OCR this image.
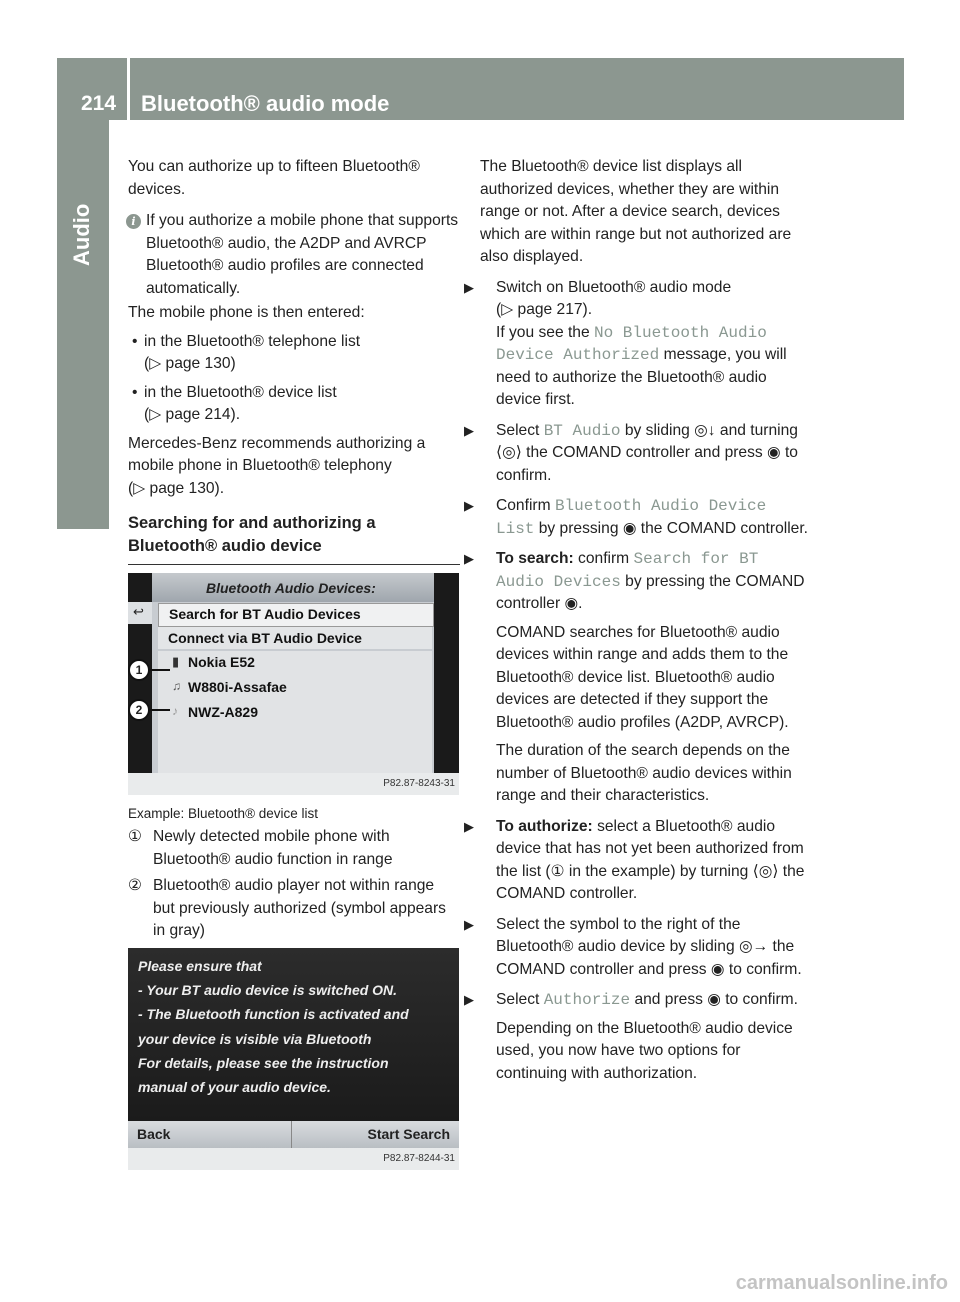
214 Bluetooth® audio mode
Audio

You can authorize up to fifteen Bluetooth® devices.

i If you authorize a mobile phone that supports Bluetooth® audio, the A2DP and AVRCP Bluetooth® audio profiles are connected automatically.

The mobile phone is then entered:

• in the Bluetooth® telephone list

(▷ page 130)

• in the Bluetooth® device list

(▷ page 214).

Mercedes-Benz recommends authorizing a mobile phone in Bluetooth® telephony

(▷ page 130).

Searching for and authorizing a Bluetooth® audio device

Bluetooth Audio Devices:
↩ Search for BT Audio Devices
Connect via BT Audio Device
▮ Nokia E52
♫ W880i-Assafae
♪ NWZ-A829
1
2
P82.87-8243-31

Example: Bluetooth® device list

① Newly detected mobile phone with Bluetooth® audio function in range

② Bluetooth® audio player not within range but previously authorized (symbol appears in gray)

Please ensure that
- Your BT audio device is switched ON.
- The Bluetooth function is activated and
your device is visible via Bluetooth
For details, please see the instruction
manual of your audio device.
Back	Start Search
P82.87-8244-31

The Bluetooth® device list displays all authorized devices, whether they are within range or not. After a device search, devices which are within range but not authorized are also displayed.

▶ Switch on Bluetooth® audio mode

(▷ page 217).

If you see the No Bluetooth Audio Device Authorized message, you will need to authorize the Bluetooth® audio device first.

▶ Select BT Audio by sliding ◎↓ and turning ⟨◎⟩ the COMAND controller and press ◉ to confirm.

▶ Confirm Bluetooth Audio Device List by pressing ◉ the COMAND controller.

▶ To search: confirm Search for BT Audio Devices by pressing the COMAND controller ◉.

COMAND searches for Bluetooth® audio devices within range and adds them to the Bluetooth® device list. Bluetooth® audio devices are detected if they support the Bluetooth® audio profiles (A2DP, AVRCP).

The duration of the search depends on the number of Bluetooth® audio devices within range and their characteristics.

▶ To authorize: select a Bluetooth® audio device that has not yet been authorized from the list (① in the example) by turning ⟨◎⟩ the COMAND controller.

▶ Select the symbol to the right of the Bluetooth® audio device by sliding ◎→ the COMAND controller and press ◉ to confirm.

▶ Select Authorize and press ◉ to confirm.

Depending on the Bluetooth® audio device used, you now have two options for continuing with authorization.

carmanualsonline.info
